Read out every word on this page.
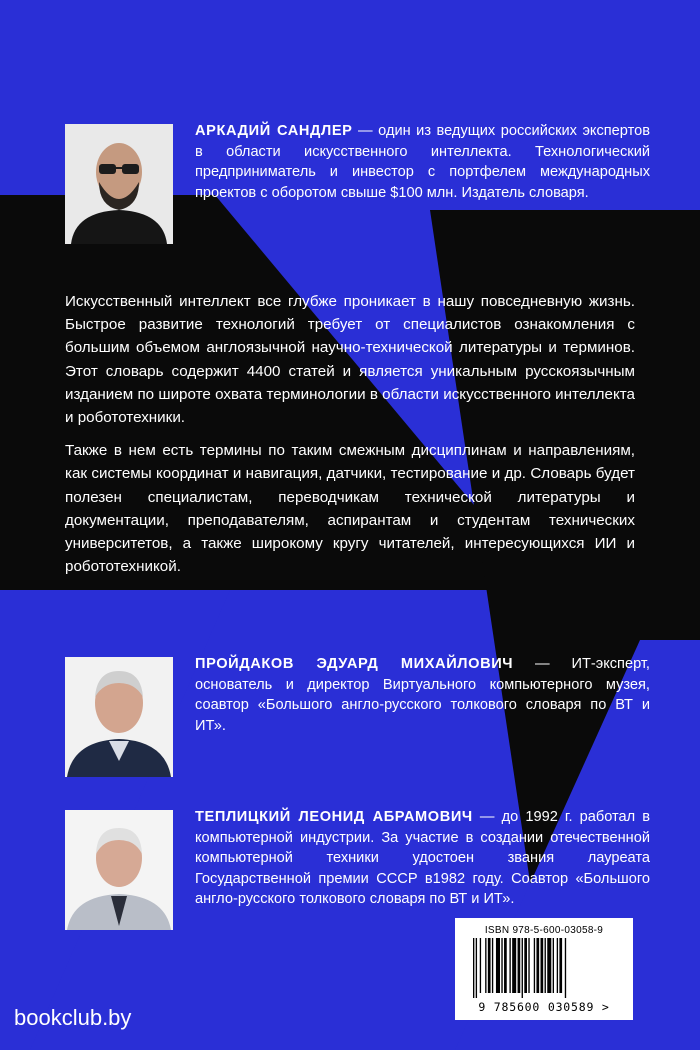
АРКАДИЙ САНДЛЕР — один из ведущих российских экспертов в области искусственного интеллекта. Технологический предприниматель и инвестор с портфелем международных проектов с оборотом свыше $100 млн. Издатель словаря.

Искусственный интеллект все глубже проникает в нашу повседневную жизнь. Быстрое развитие технологий требует от специалистов ознакомления с большим объемом англоязычной научно-технической литературы и терминов. Этот словарь содержит 4400 статей и является уникальным русскоязычным изданием по широте охвата терминологии в области искусственного интеллекта и робототехники.

Также в нем есть термины по таким смежным дисциплинам и направлениям, как системы координат и навигация, датчики, тестирование и др. Словарь будет полезен специалистам, переводчикам технической литературы и документации, преподавателям, аспирантам и студентам технических университетов, а также широкому кругу читателей, интересующихся ИИ и робототехникой.

ПРОЙДАКОВ ЭДУАРД МИХАЙЛОВИЧ — ИТ-эксперт, основатель и директор Виртуального компьютерного музея, соавтор «Большого англо-русского толкового словаря по ВТ и ИТ».
ТЕПЛИЦКИЙ ЛЕОНИД АБРАМОВИЧ — до 1992 г. работал в компьютерной индустрии. За участие в создании отечественной компьютерной техники удостоен звания лауреата Государственной премии СССР в1982 году. Соавтор «Большого англо-русского толкового словаря по ВТ и ИТ».
ISBN 978-5-600-03058-9
9 785600 030589 >
bookclub.by
